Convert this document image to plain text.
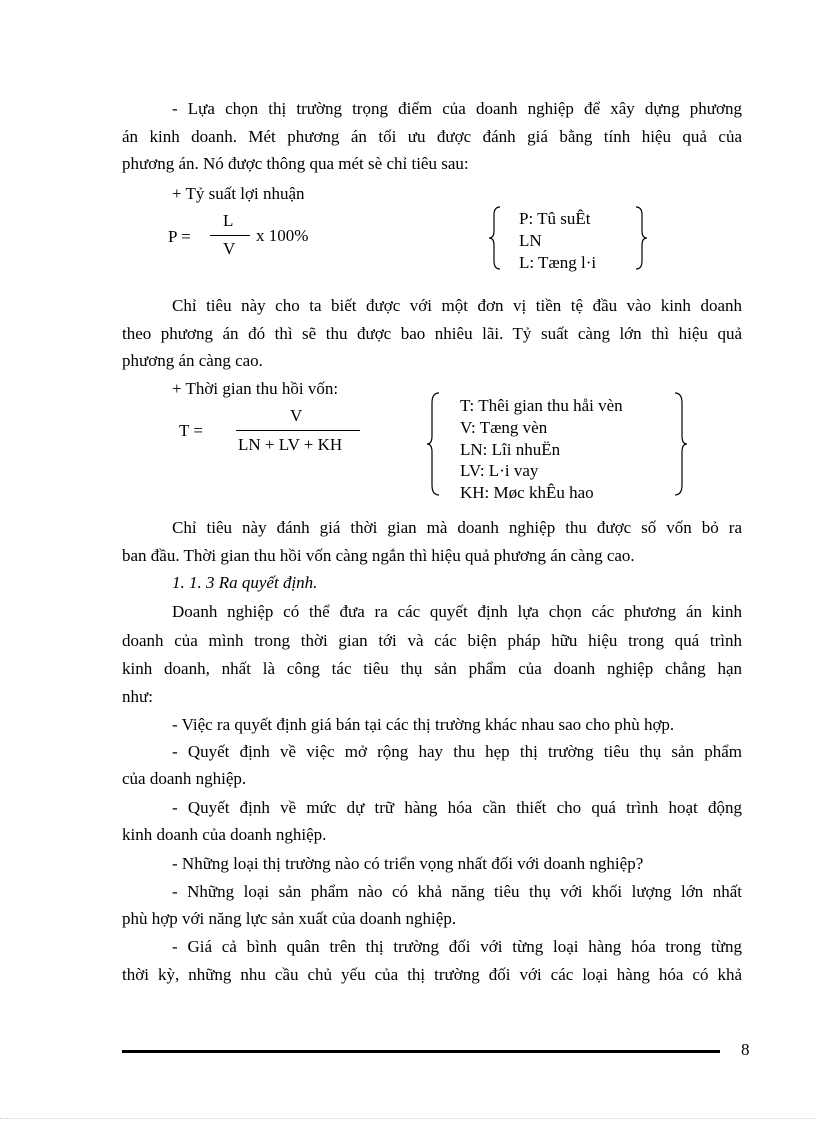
- Lựa chọn thị trường trọng điểm của doanh nghiệp để xây dựng phương
án kinh doanh. Mét phương án tối ưu được đánh giá bằng tính hiệu quả của
phương án. Nó được thông qua mét sè chỉ tiêu sau:
+ Tỷ suất lợi nhuận
P =
L
V
x 100%
P: Tû suÊt
LN
L: Tæng l·i
Chỉ tiêu này cho ta biết được với một đơn vị tiền tệ đầu vào kinh doanh
theo phương án đó thì sẽ thu được bao nhiêu lãi. Tỷ suất càng lớn thì hiệu quả
phương án càng cao.
+ Thời gian thu hồi vốn:
T =
V
LN + LV + KH
T: Thêi gian thu håi vèn
V: Tæng vèn
LN: Lîi nhuËn
LV: L·i vay
KH: Møc khÊu hao
Chỉ tiêu này đánh giá thời gian mà doanh nghiệp thu được số vốn bỏ ra
ban đầu. Thời gian thu hồi vốn càng ngắn thì hiệu quả phương án càng cao.
1. 1. 3 Ra quyết định.
Doanh nghiệp có thể đưa ra các quyết định lựa chọn các phương án kinh
doanh của mình trong thời gian tới và các biện pháp hữu hiệu trong quá trình
kinh doanh, nhất là công tác tiêu thụ sản phẩm của doanh nghiệp chẳng hạn
như:
- Việc ra quyết định giá bán tại các thị trường khác nhau sao cho phù hợp.
- Quyết định về việc mở rộng hay thu hẹp thị trường tiêu thụ sản phẩm
của doanh nghiệp.
- Quyết định về mức dự trữ hàng hóa cần thiết cho quá trình hoạt động
kinh doanh của doanh nghiệp.
- Những loại thị trường nào có triển vọng nhất đối với doanh nghiệp?
- Những loại sản phẩm nào có khả năng tiêu thụ với khối lượng lớn nhất
phù hợp với năng lực sản xuất của doanh nghiệp.
- Giá cả bình quân trên thị trường đối với từng loại hàng hóa trong từng
thời kỳ, những nhu cầu chủ yếu của thị trường đối với các loại hàng hóa có khả
8
